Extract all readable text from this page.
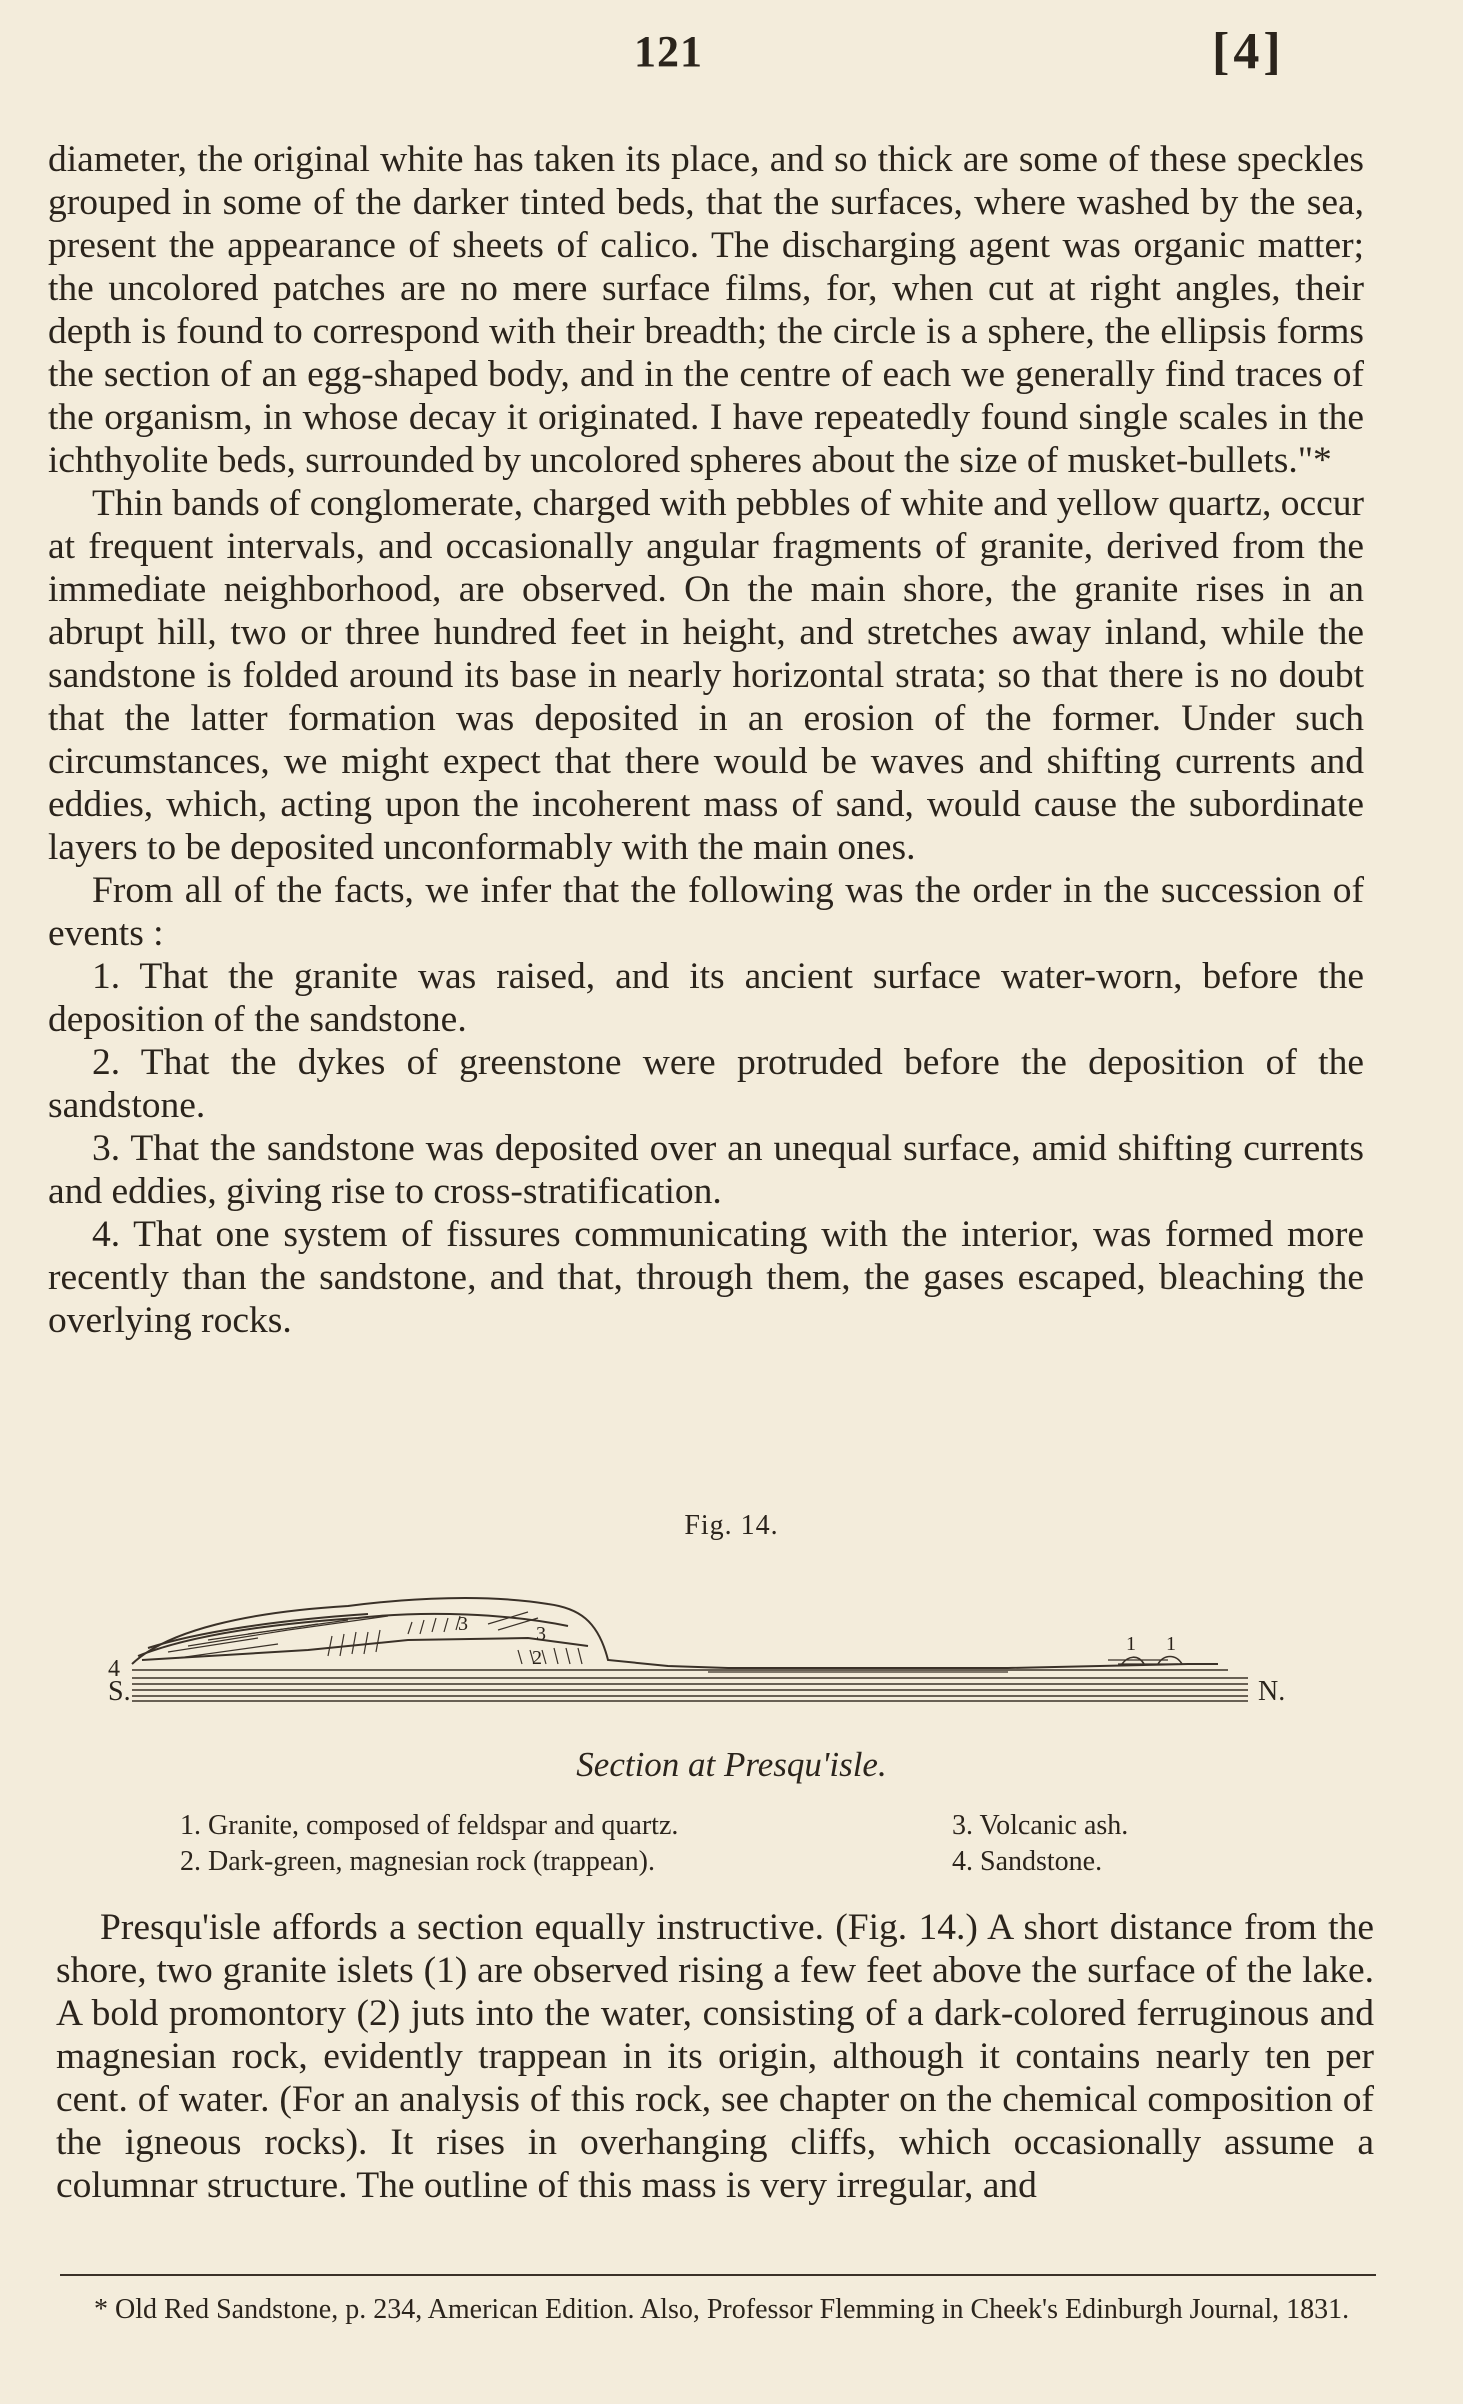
121	[4]

diameter, the original white has taken its place, and so thick are some of these speckles grouped in some of the darker tinted beds, that the surfaces, where washed by the sea, present the appearance of sheets of calico. The discharging agent was organic matter; the uncolored patches are no mere surface films, for, when cut at right angles, their depth is found to correspond with their breadth; the circle is a sphere, the ellipsis forms the section of an egg-shaped body, and in the centre of each we generally find traces of the organism, in whose decay it originated. I have repeatedly found single scales in the ichthyolite beds, surrounded by uncolored spheres about the size of musket-bullets."*

Thin bands of conglomerate, charged with pebbles of white and yellow quartz, occur at frequent intervals, and occasionally angular fragments of granite, derived from the immediate neighborhood, are observed. On the main shore, the granite rises in an abrupt hill, two or three hundred feet in height, and stretches away inland, while the sandstone is folded around its base in nearly horizontal strata; so that there is no doubt that the latter formation was deposited in an erosion of the former. Under such circumstances, we might expect that there would be waves and shifting currents and eddies, which, acting upon the incoherent mass of sand, would cause the subordinate layers to be deposited unconformably with the main ones.

From all of the facts, we infer that the following was the order in the succession of events :

1. That the granite was raised, and its ancient surface water-worn, before the deposition of the sandstone.

2. That the dykes of greenstone were protruded before the deposition of the sandstone.

3. That the sandstone was deposited over an unequal surface, amid shifting currents and eddies, giving rise to cross-stratification.

4. That one system of fissures communicating with the interior, was formed more recently than the sandstone, and that, through them, the gases escaped, bleaching the overlying rocks.

Fig. 14.
4
3	3
2
1 1
S.	N.
Section at Presqu'isle.
1. Granite, composed of feldspar and quartz.
2. Dark-green, magnesian rock (trappean).
3. Volcanic ash.
4. Sandstone.

Presqu'isle affords a section equally instructive. (Fig. 14.) A short distance from the shore, two granite islets (1) are observed rising a few feet above the surface of the lake. A bold promontory (2) juts into the water, consisting of a dark-colored ferruginous and magnesian rock, evidently trappean in its origin, although it contains nearly ten per cent. of water. (For an analysis of this rock, see chapter on the chemical composition of the igneous rocks). It rises in overhanging cliffs, which occasionally assume a columnar structure. The outline of this mass is very irregular, and

* Old Red Sandstone, p. 234, American Edition. Also, Professor Flemming in Cheek's Edinburgh Journal, 1831.
